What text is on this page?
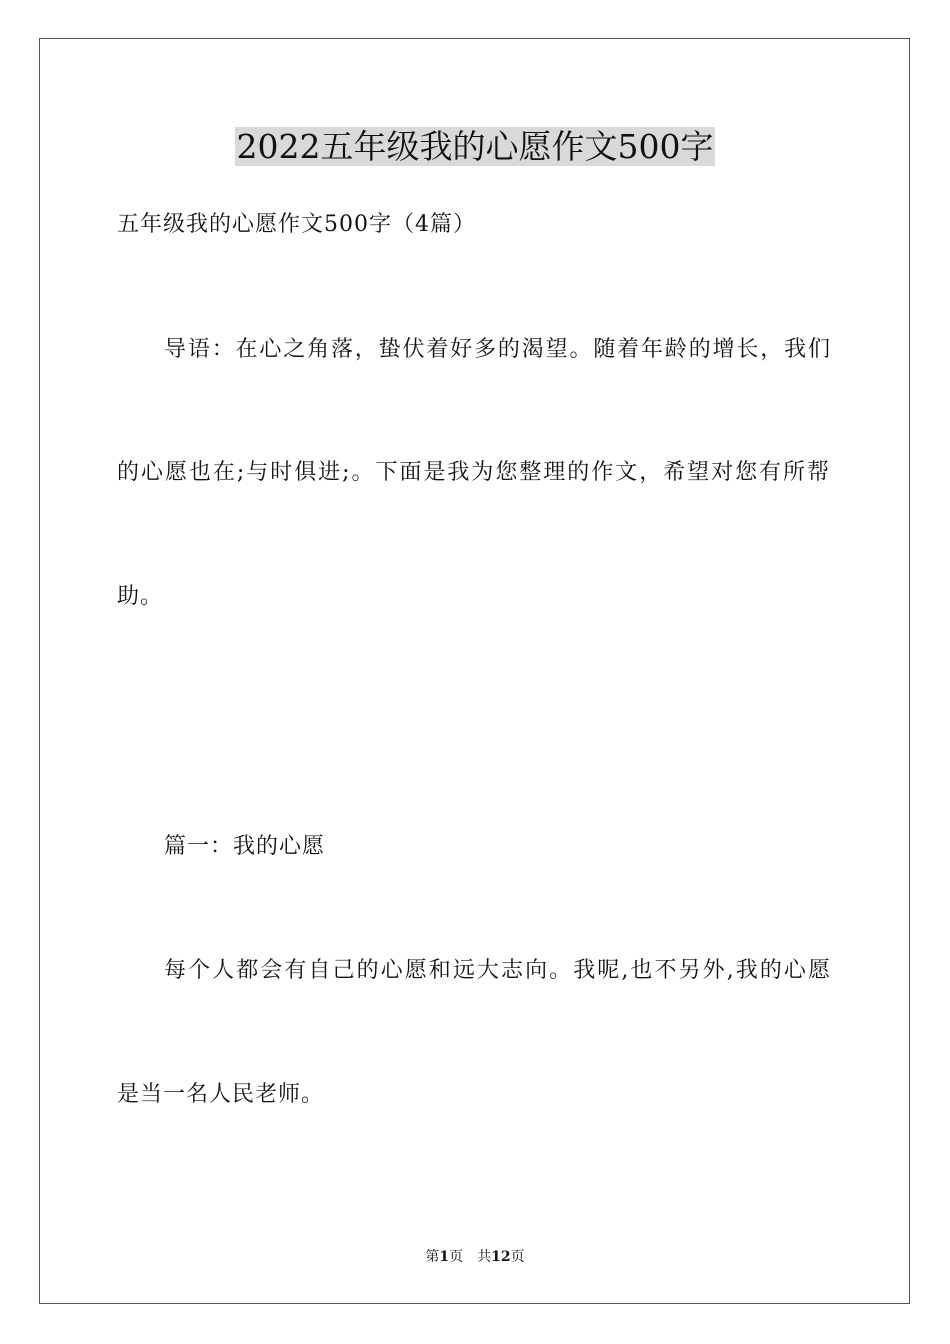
2022五年级我的心愿作文500字
五年级我的心愿作文500字（4篇）
导语：在心之角落，蛰伏着好多的渴望。随着年龄的增长，我们
的心愿也在;与时俱进;。下面是我为您整理的作文，希望对您有所帮
助。
篇一：我的心愿
每个人都会有自己的心愿和远大志向。我呢,也不另外,我的心愿
是当一名人民老师。
第1页 共12页
